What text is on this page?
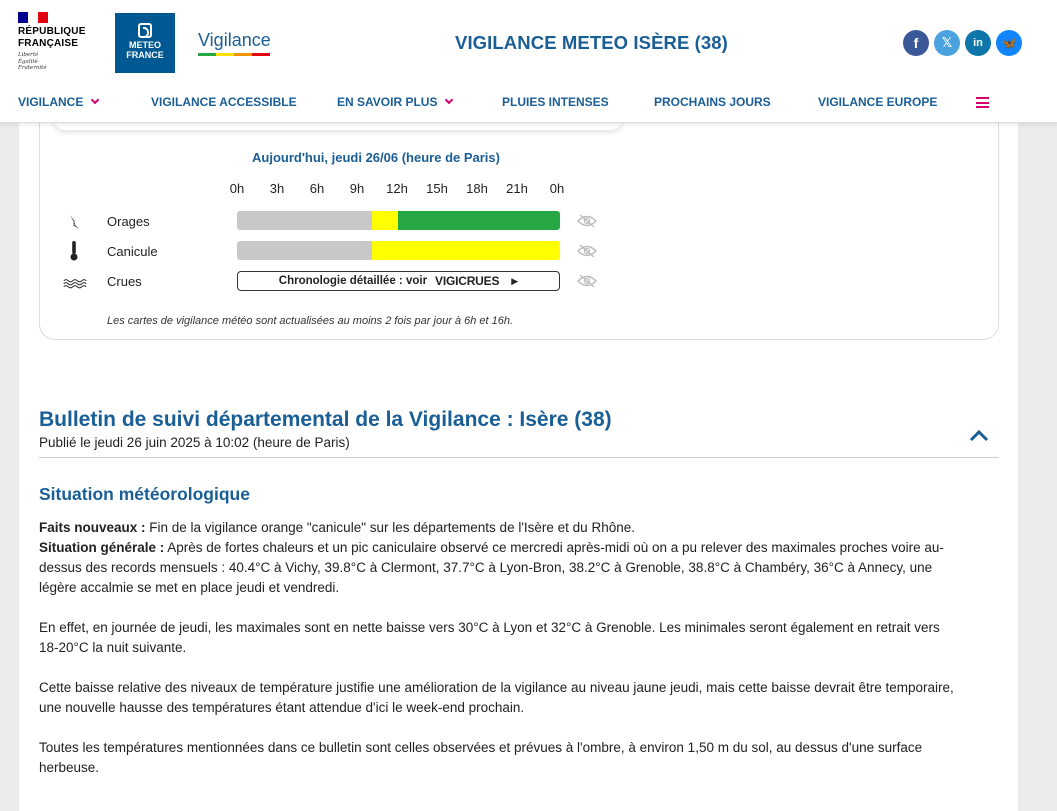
RÉPUBLIQUE
FRANÇAISE
Liberté
Égalité
Fraternité
METEO
FRANCE
Vigilance	VIGILANCE METEO ISÈRE (38)	f	𝕏	in	🦋
VIGILANCE	VIGILANCE ACCESSIBLE	EN SAVOIR PLUS	PLUIES INTENSES	PROCHAINS JOURS	VIGILANCE EUROPE
Aujourd'hui, jeudi 26/06 (heure de Paris)
0h	3h	6h	9h	12h	15h	18h	21h	0h
Orages
Canicule
Crues	Chronologie détaillée : voir VIGICRUES ▶
Les cartes de vigilance météo sont actualisées au moins 2 fois par jour à 6h et 16h.
Bulletin de suivi départemental de la Vigilance : Isère (38)
Publié le jeudi 26 juin 2025 à 10:02 (heure de Paris)
Situation météorologique
Faits nouveaux : Fin de la vigilance orange "canicule" sur les départements de l'Isère et du Rhône.
Situation générale : Après de fortes chaleurs et un pic caniculaire observé ce mercredi après-midi où on a pu relever des maximales proches voire au-dessus des records mensuels : 40.4°C à Vichy, 39.8°C à Clermont, 37.7°C à Lyon-Bron, 38.2°C à Grenoble, 38.8°C à Chambéry, 36°C à Annecy, une légère accalmie se met en place jeudi et vendredi.
En effet, en journée de jeudi, les maximales sont en nette baisse vers 30°C à Lyon et 32°C à Grenoble. Les minimales seront également en retrait vers 18-20°C la nuit suivante.
Cette baisse relative des niveaux de température justifie une amélioration de la vigilance au niveau jaune jeudi, mais cette baisse devrait être temporaire, une nouvelle hausse des températures étant attendue d'ici le week-end prochain.
Toutes les températures mentionnées dans ce bulletin sont celles observées et prévues à l'ombre, à environ 1,50 m du sol, au dessus d'une surface herbeuse.
